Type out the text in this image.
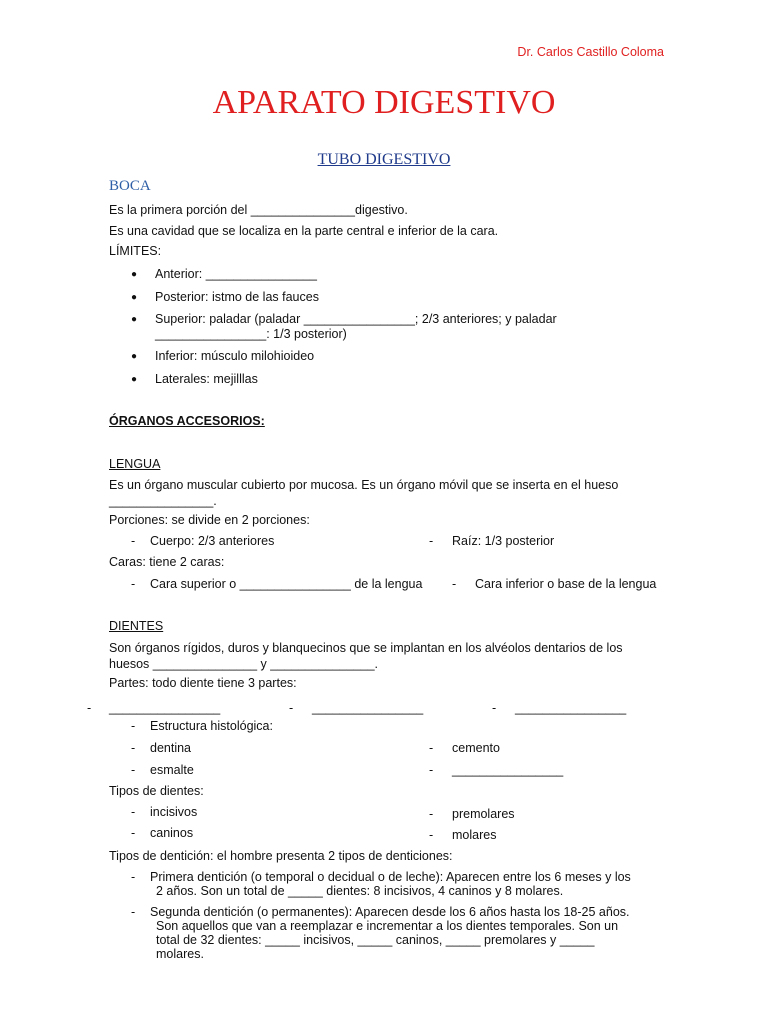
Dr. Carlos Castillo Coloma
APARATO DIGESTIVO
TUBO DIGESTIVO
BOCA
Es la primera porción del _______________digestivo.
Es una cavidad que se localiza en la parte central e inferior de la cara.
LÍMITES:
● Anterior: ________________
● Posterior: istmo de las fauces
● Superior: paladar (paladar ________________; 2/3 anteriores; y paladar
________________: 1/3 posterior)
● Inferior: músculo milohioideo
● Laterales: mejilllas
ÓRGANOS ACCESORIOS:
LENGUA
Es un órgano muscular cubierto por mucosa. Es un órgano móvil que se inserta en el hueso
_______________.
Porciones: se divide en 2 porciones:
- Cuerpo: 2/3 anteriores	- Raíz: 1/3 posterior
Caras: tiene 2 caras:
- Cara superior o ________________ de la lengua - Cara inferior o base de la lengua
DIENTES
Son órganos rígidos, duros y blanquecinos que se implantan en los alvéolos dentarios de los
huesos _______________ y _______________.
Partes: todo diente tiene 3 partes:
- ________________	- ________________	- ________________
- Estructura histológica:
- dentina	- cemento
- esmalte	- ________________
Tipos de dientes:
- incisivos	- premolares
- caninos	- molares
Tipos de dentición: el hombre presenta 2 tipos de denticiones:
- Primera dentición (o temporal o decidual o de leche): Aparecen entre los 6 meses y los
2 años. Son un total de _____ dientes: 8 incisivos, 4 caninos y 8 molares.
- Segunda dentición (o permanentes): Aparecen desde los 6 años hasta los 18-25 años.
Son aquellos que van a reemplazar e incrementar a los dientes temporales. Son un
total de 32 dientes: _____ incisivos, _____ caninos, _____ premolares y _____
molares.
